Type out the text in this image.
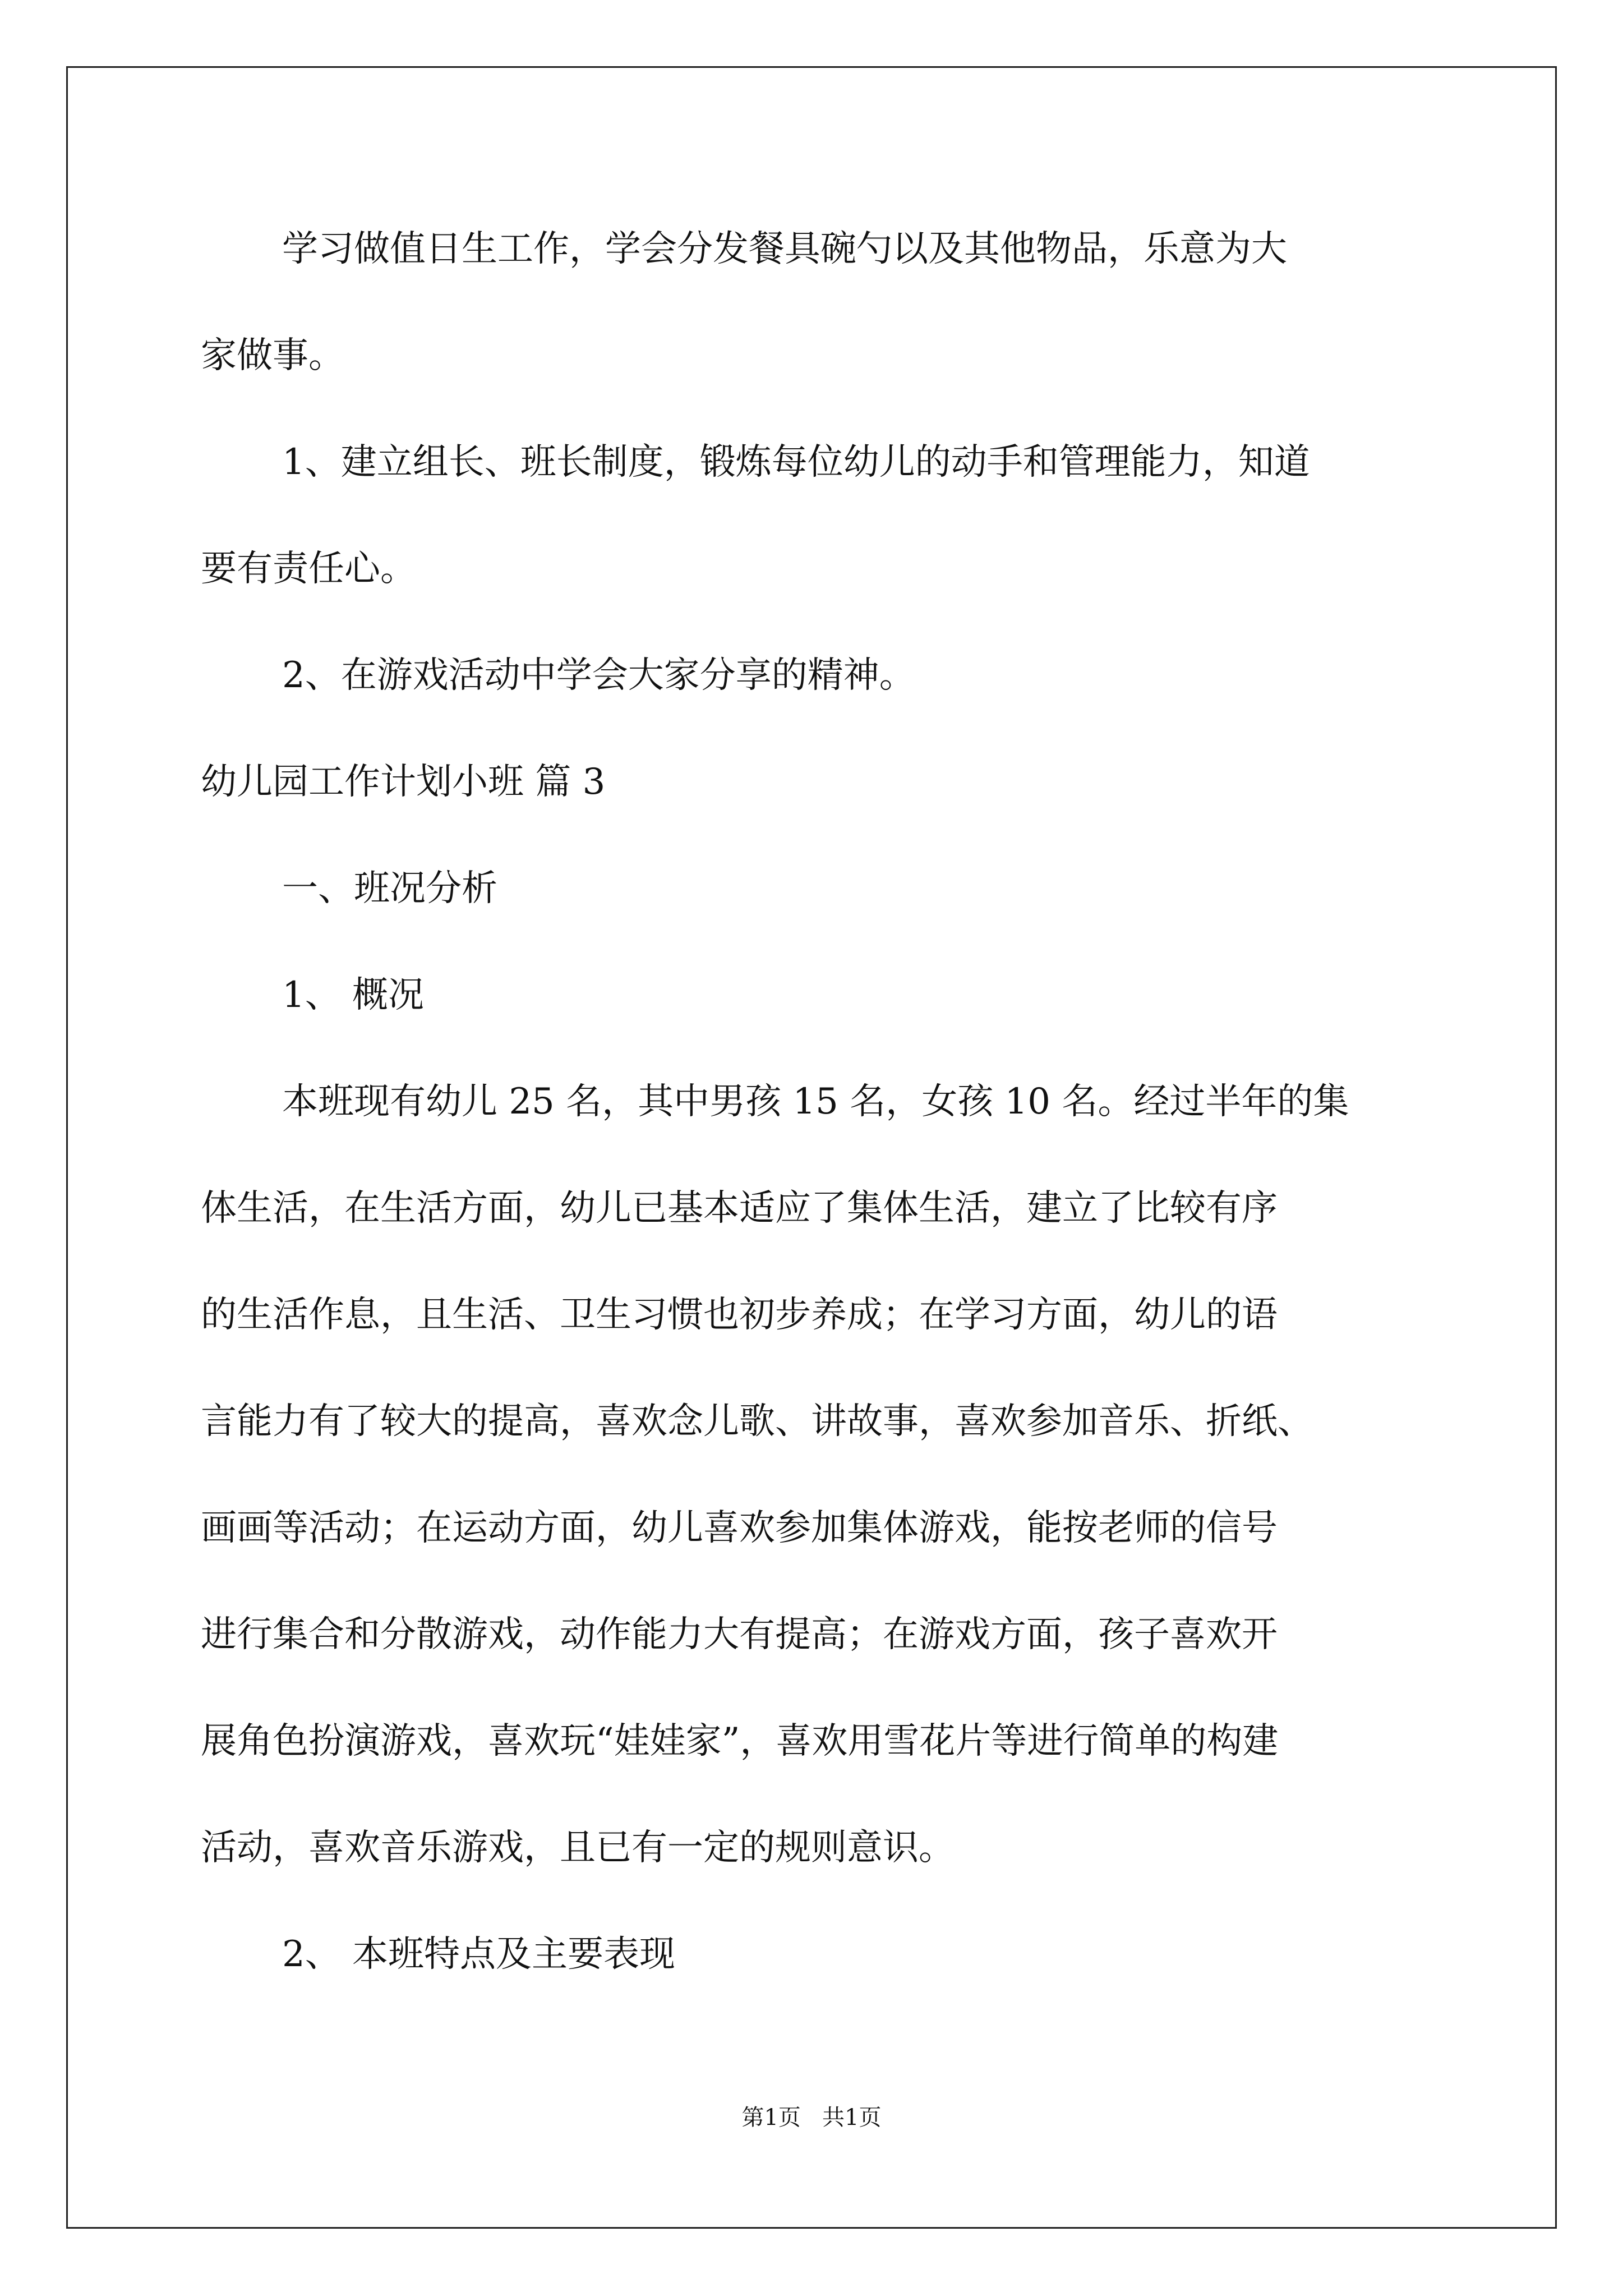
学习做值日生工作，学会分发餐具碗勺以及其他物品，乐意为大
家做事。
1、建立组长、班长制度，锻炼每位幼儿的动手和管理能力，知道
要有责任心。
2、在游戏活动中学会大家分享的精神。
幼儿园工作计划小班 篇 3
一、班况分析
1、 概况
本班现有幼儿 25 名，其中男孩 15 名，女孩 10 名。经过半年的集
体生活，在生活方面，幼儿已基本适应了集体生活，建立了比较有序
的生活作息，且生活、卫生习惯也初步养成；在学习方面，幼儿的语
言能力有了较大的提高，喜欢念儿歌、讲故事，喜欢参加音乐、折纸、
画画等活动；在运动方面，幼儿喜欢参加集体游戏，能按老师的信号
进行集合和分散游戏，动作能力大有提高；在游戏方面，孩子喜欢开
展角色扮演游戏，喜欢玩“娃娃家”，喜欢用雪花片等进行简单的构建
活动，喜欢音乐游戏，且已有一定的规则意识。
2、 本班特点及主要表现
第1页   共1页
